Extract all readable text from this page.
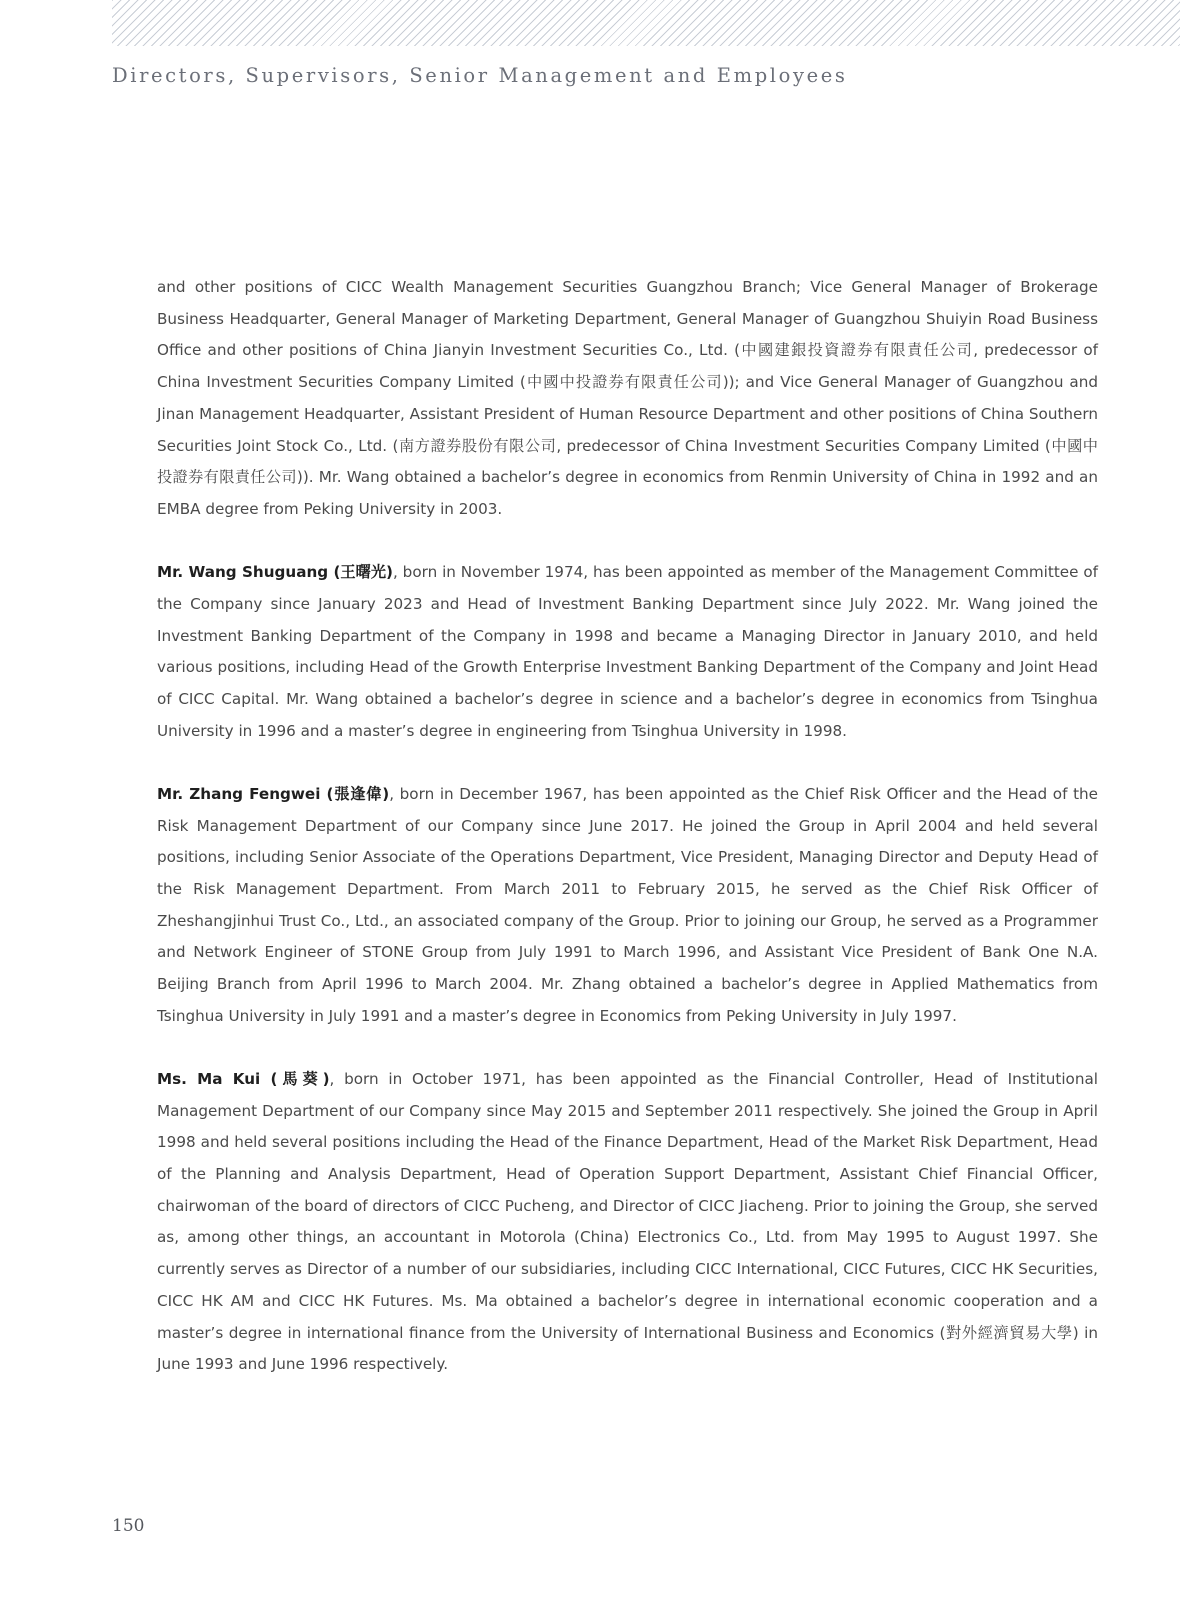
Directors, Supervisors, Senior Management and Employees

and other positions of CICC Wealth Management Securities Guangzhou Branch; Vice General Manager of Brokerage Business Headquarter, General Manager of Marketing Department, General Manager of Guangzhou Shuiyin Road Business Office and other positions of China Jianyin Investment Securities Co., Ltd. (中國建銀投資證券有限責任公司, predecessor of China Investment Securities Company Limited (中國中投證券有限責任公司)); and Vice General Manager of Guangzhou and Jinan Management Headquarter, Assistant President of Human Resource Department and other positions of China Southern Securities Joint Stock Co., Ltd. (南方證券股份有限公司, predecessor of China Investment Securities Company Limited (中國中投證券有限責任公司)). Mr. Wang obtained a bachelor’s degree in economics from Renmin University of China in 1992 and an EMBA degree from Peking University in 2003.

Mr. Wang Shuguang (王曙光), born in November 1974, has been appointed as member of the Management Committee of the Company since January 2023 and Head of Investment Banking Department since July 2022. Mr. Wang joined the Investment Banking Department of the Company in 1998 and became a Managing Director in January 2010, and held various positions, including Head of the Growth Enterprise Investment Banking Department of the Company and Joint Head of CICC Capital. Mr. Wang obtained a bachelor’s degree in science and a bachelor’s degree in economics from Tsinghua University in 1996 and a master’s degree in engineering from Tsinghua University in 1998.

Mr. Zhang Fengwei (張逢偉), born in December 1967, has been appointed as the Chief Risk Officer and the Head of the Risk Management Department of our Company since June 2017. He joined the Group in April 2004 and held several positions, including Senior Associate of the Operations Department, Vice President, Managing Director and Deputy Head of the Risk Management Department. From March 2011 to February 2015, he served as the Chief Risk Officer of Zheshangjinhui Trust Co., Ltd., an associated company of the Group. Prior to joining our Group, he served as a Programmer and Network Engineer of STONE Group from July 1991 to March 1996, and Assistant Vice President of Bank One N.A. Beijing Branch from April 1996 to March 2004. Mr. Zhang obtained a bachelor’s degree in Applied Mathematics from Tsinghua University in July 1991 and a master’s degree in Economics from Peking University in July 1997.

Ms. Ma Kui (馬葵), born in October 1971, has been appointed as the Financial Controller, Head of Institutional Management Department of our Company since May 2015 and September 2011 respectively. She joined the Group in April 1998 and held several positions including the Head of the Finance Department, Head of the Market Risk Department, Head of the Planning and Analysis Department, Head of Operation Support Department, Assistant Chief Financial Officer, chairwoman of the board of directors of CICC Pucheng, and Director of CICC Jiacheng. Prior to joining the Group, she served as, among other things, an accountant in Motorola (China) Electronics Co., Ltd. from May 1995 to August 1997. She currently serves as Director of a number of our subsidiaries, including CICC International, CICC Futures, CICC HK Securities, CICC HK AM and CICC HK Futures. Ms. Ma obtained a bachelor’s degree in international economic cooperation and a master’s degree in international finance from the University of International Business and Economics (對外經濟貿易大學) in June 1993 and June 1996 respectively.

150
